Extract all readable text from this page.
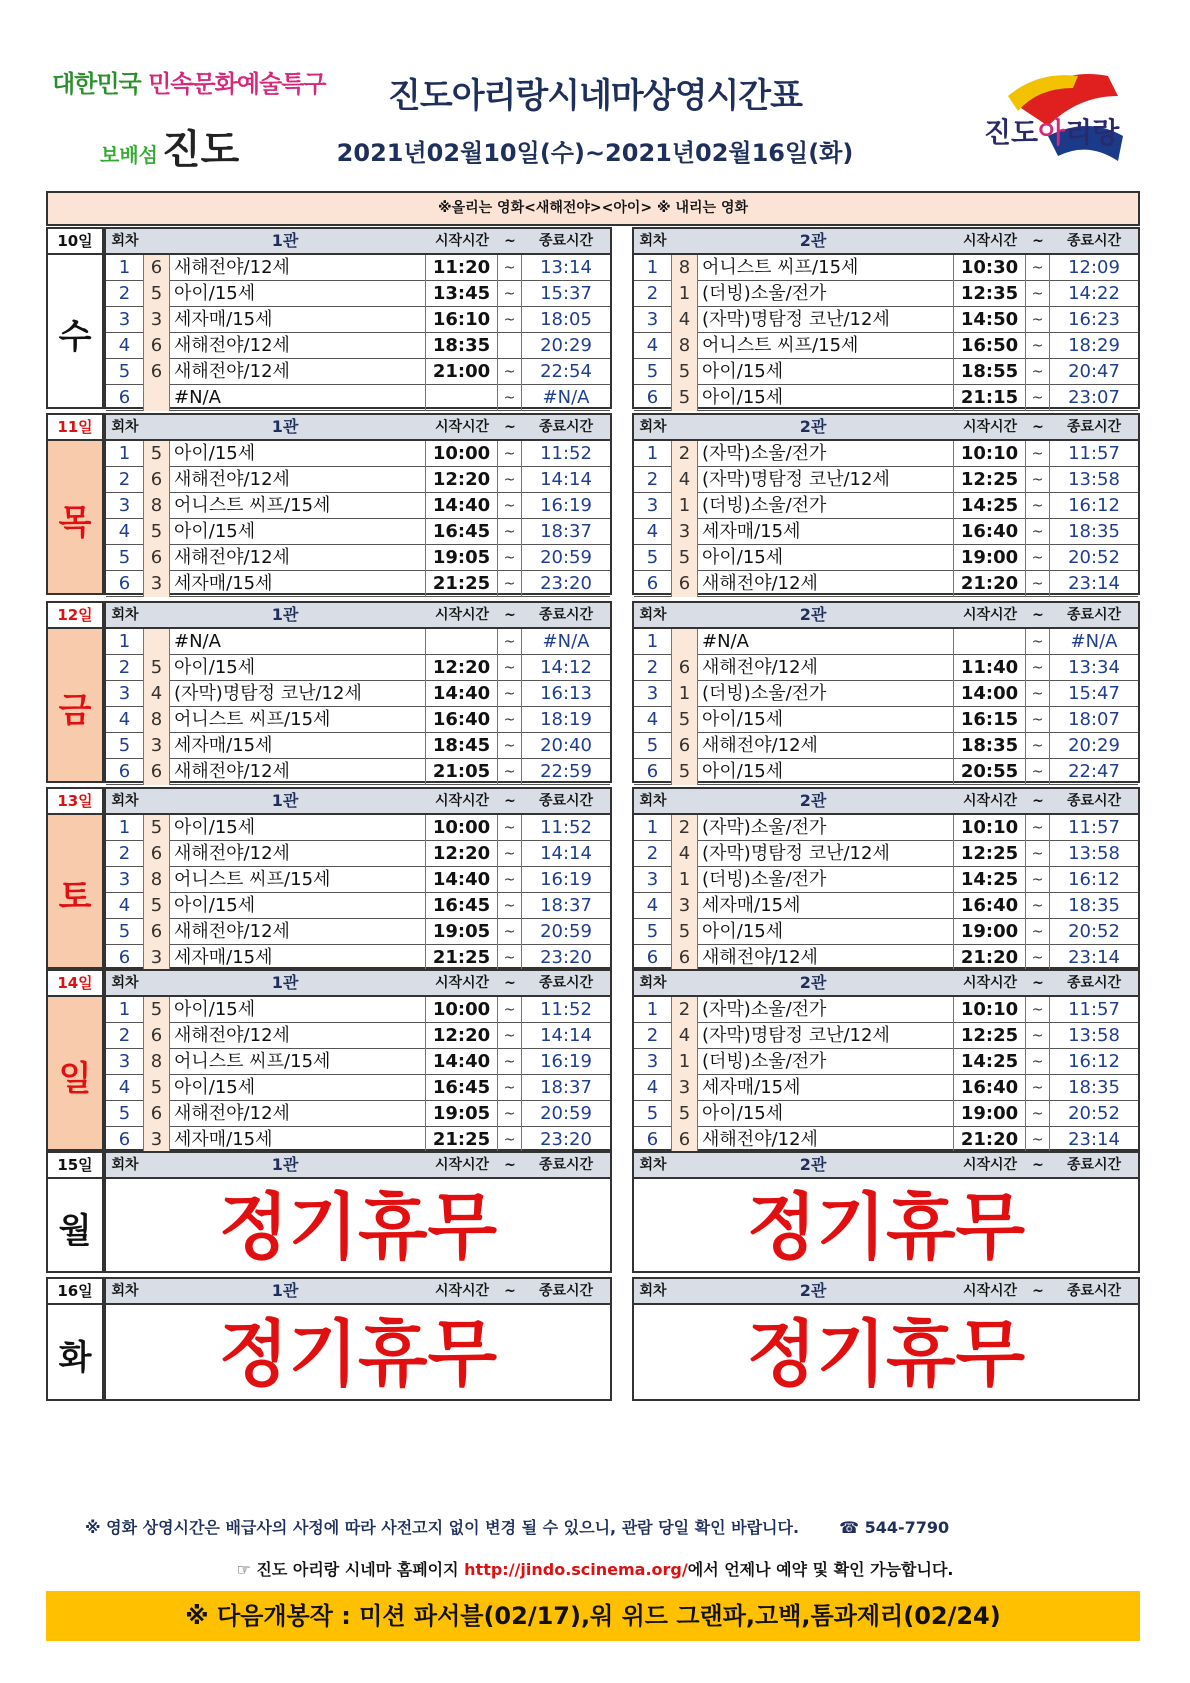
대한민국 민속문화예술특구
보배섬 진도
진도아리랑시네마상영시간표
2021년02월10일(수)~2021년02월16일(화)
진도아리랑
※올리는 영화<새해전야><아이> ※ 내리는 영화
10일
수
회차	1관	시작시간	~	종료시간
1	6 새해전야/12세	11:20 ~	13:14
2	5 아이/15세	13:45 ~	15:37
3	3 세자매/15세	16:10 ~	18:05
4	6 새해전야/12세	18:35	20:29
5	6 새해전야/12세	21:00 ~	22:54
6	#N/A	~	#N/A
회차	2관	시작시간	~	종료시간
1	8 어니스트 씨프/15세	10:30 ~	12:09
2	1 (더빙)소울/전가	12:35 ~	14:22
3	4 (자막)명탐정 코난/12세	14:50 ~	16:23
4	8 어니스트 씨프/15세	16:50 ~	18:29
5	5 아이/15세	18:55 ~	20:47
6	5 아이/15세	21:15 ~	23:07
11일
목
회차	1관	시작시간	~	종료시간
1	5 아이/15세	10:00 ~	11:52
2	6 새해전야/12세	12:20 ~	14:14
3	8 어니스트 씨프/15세	14:40 ~	16:19
4	5 아이/15세	16:45 ~	18:37
5	6 새해전야/12세	19:05 ~	20:59
6	3 세자매/15세	21:25 ~	23:20
회차	2관	시작시간	~	종료시간
1	2 (자막)소울/전가	10:10 ~	11:57
2	4 (자막)명탐정 코난/12세	12:25 ~	13:58
3	1 (더빙)소울/전가	14:25 ~	16:12
4	3 세자매/15세	16:40 ~	18:35
5	5 아이/15세	19:00 ~	20:52
6	6 새해전야/12세	21:20 ~	23:14
12일
금
회차	1관	시작시간	~	종료시간
1	#N/A	~	#N/A
2	5 아이/15세	12:20 ~	14:12
3	4 (자막)명탐정 코난/12세	14:40 ~	16:13
4	8 어니스트 씨프/15세	16:40 ~	18:19
5	3 세자매/15세	18:45 ~	20:40
6	6 새해전야/12세	21:05 ~	22:59
회차	2관	시작시간	~	종료시간
1	#N/A	~	#N/A
2	6 새해전야/12세	11:40 ~	13:34
3	1 (더빙)소울/전가	14:00 ~	15:47
4	5 아이/15세	16:15 ~	18:07
5	6 새해전야/12세	18:35 ~	20:29
6	5 아이/15세	20:55 ~	22:47
13일
토
회차	1관	시작시간	~	종료시간
1	5 아이/15세	10:00 ~	11:52
2	6 새해전야/12세	12:20 ~	14:14
3	8 어니스트 씨프/15세	14:40 ~	16:19
4	5 아이/15세	16:45 ~	18:37
5	6 새해전야/12세	19:05 ~	20:59
6	3 세자매/15세	21:25 ~	23:20
회차	2관	시작시간	~	종료시간
1	2 (자막)소울/전가	10:10 ~	11:57
2	4 (자막)명탐정 코난/12세	12:25 ~	13:58
3	1 (더빙)소울/전가	14:25 ~	16:12
4	3 세자매/15세	16:40 ~	18:35
5	5 아이/15세	19:00 ~	20:52
6	6 새해전야/12세	21:20 ~	23:14
14일
일
회차	1관	시작시간	~	종료시간
1	5 아이/15세	10:00 ~	11:52
2	6 새해전야/12세	12:20 ~	14:14
3	8 어니스트 씨프/15세	14:40 ~	16:19
4	5 아이/15세	16:45 ~	18:37
5	6 새해전야/12세	19:05 ~	20:59
6	3 세자매/15세	21:25 ~	23:20
회차	2관	시작시간	~	종료시간
1	2 (자막)소울/전가	10:10 ~	11:57
2	4 (자막)명탐정 코난/12세	12:25 ~	13:58
3	1 (더빙)소울/전가	14:25 ~	16:12
4	3 세자매/15세	16:40 ~	18:35
5	5 아이/15세	19:00 ~	20:52
6	6 새해전야/12세	21:20 ~	23:14
15일
월
회차	1관	시작시간	~	종료시간
정기휴무
회차	2관	시작시간	~	종료시간
정기휴무
16일
화
회차	1관	시작시간	~	종료시간
정기휴무
회차	2관	시작시간	~	종료시간
정기휴무
※ 영화 상영시간은 배급사의 사정에 따라 사전고지 없이 변경 될 수 있으니, 관람 당일 확인 바랍니다.	☎ 544-7790
☞ 진도 아리랑 시네마 홈페이지 http://jindo.scinema.org/에서 언제나 예약 및 확인 가능합니다.
※ 다음개봉작 : 미션 파서블(02/17),워 위드 그랜파,고백,톰과제리(02/24)
